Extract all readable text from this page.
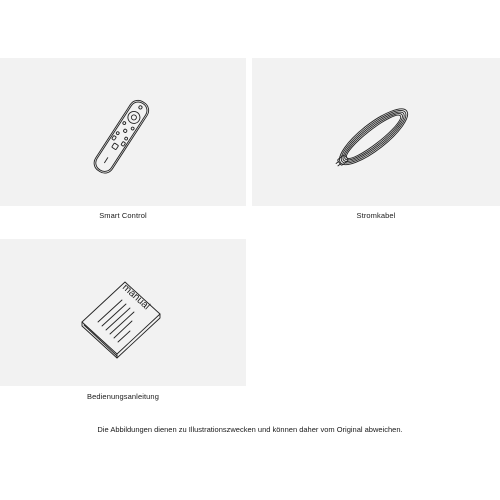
Smart Control	Stromkabel
manual
Bedienungsanleitung
Die Abbildungen dienen zu Illustrationszwecken und können daher vom Original abweichen.
